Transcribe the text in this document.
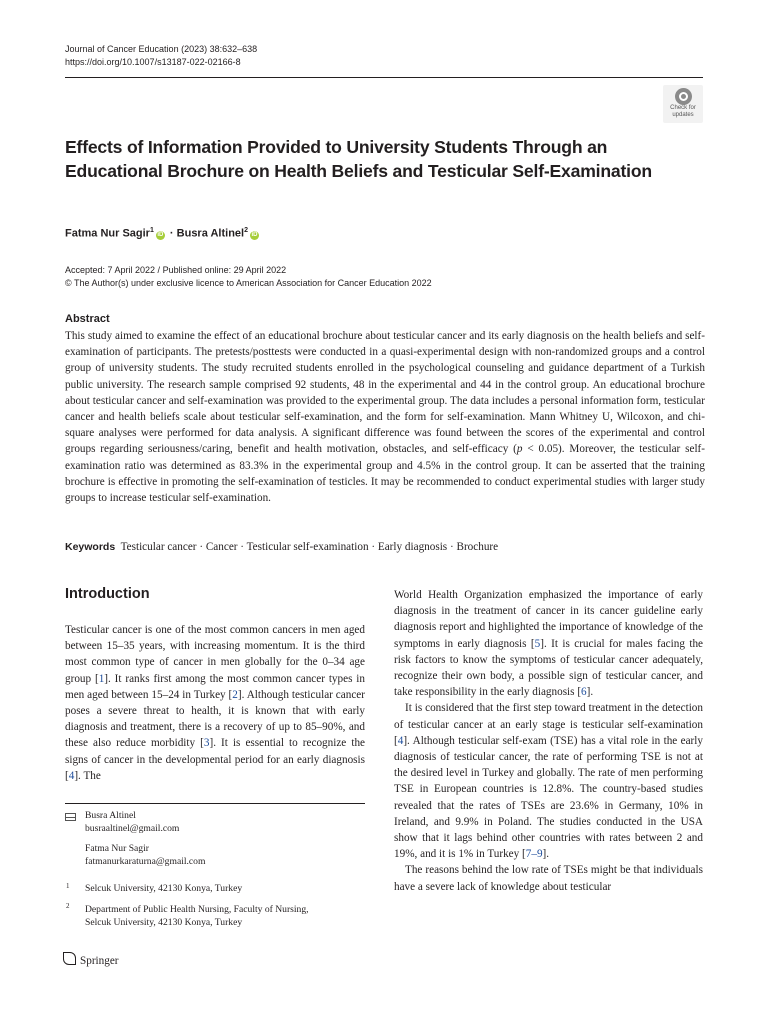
Journal of Cancer Education (2023) 38:632–638
https://doi.org/10.1007/s13187-022-02166-8
Check for
updates
Effects of Information Provided to University Students Through an Educational Brochure on Health Beliefs and Testicular Self-Examination
Fatma Nur Sagir$^1$iD · Busra Altinel$^2$iD
Accepted: 7 April 2022 / Published online: 29 April 2022
© The Author(s) under exclusive licence to American Association for Cancer Education 2022
Abstract
This study aimed to examine the effect of an educational brochure about testicular cancer and its early diagnosis on the health beliefs and self-examination of participants. The pretests/posttests were conducted in a quasi-experimental design with non-randomized groups and a control group of university students. The study recruited students enrolled in the psychological counseling and guidance department of a Turkish public university. The research sample comprised 92 students, 48 in the experimental and 44 in the control group. An educational brochure about testicular cancer and self-examination was provided to the experimental group. The data includes a personal information form, testicular cancer and health beliefs scale about testicular self-examination, and the form for self-examination. Mann Whitney U, Wilcoxon, and chi-square analyses were performed for data analysis. A significant difference was found between the scores of the experimental and control groups regarding seriousness/caring, benefit and health motivation, obstacles, and self-efficacy (p < 0.05). Moreover, the testicular self-examination ratio was determined as 83.3% in the experimental group and 4.5% in the control group. It can be asserted that the training brochure is effective in promoting the self-examination of testicles. It may be recommended to conduct experimental studies with larger study groups to increase testicular self-examination.
Keywords Testicular cancer · Cancer · Testicular self-examination · Early diagnosis · Brochure
Introduction

Testicular cancer is one of the most common cancers in men aged between 15–35 years, with increasing momentum. It is the third most common type of cancer in men globally for the 0–34 age group [1]. It ranks first among the most common cancer types in men aged between 15–24 in Turkey [2]. Although testicular cancer poses a severe threat to health, it is known that with early diagnosis and treatment, there is a recovery of up to 85–90%, and these also reduce morbidity [3]. It is essential to recognize the signs of cancer in the developmental period for an early diagnosis [4]. The

World Health Organization emphasized the importance of early diagnosis in the treatment of cancer in its cancer guideline early diagnosis report and highlighted the importance of knowledge of the symptoms in early diagnosis [5]. It is crucial for males facing the risk factors to know the symptoms of testicular cancer adequately, recognize their own body, a possible sign of testicular cancer, and take responsibility in the early diagnosis [6].

It is considered that the first step toward treatment in the detection of testicular cancer at an early stage is testicular self-examination [4]. Although testicular self-exam (TSE) has a vital role in the early diagnosis of testicular cancer, the rate of performing TSE is not at the desired level in Turkey and globally. The rate of men performing TSE in European countries is 12.8%. The country-based studies revealed that the rates of TSEs are 23.6% in Germany, 10% in Ireland, and 9.9% in Poland. The studies conducted in the USA show that it lags behind other countries with rates between 2 and 19%, and it is 1% in Turkey [7–9].

The reasons behind the low rate of TSEs might be that individuals have a severe lack of knowledge about testicular

Busra Altinel
busraaltinel@gmail.com
Fatma Nur Sagir
fatmanurkaraturna@gmail.com
1 Selcuk University, 42130 Konya, Turkey
2 Department of Public Health Nursing, Faculty of Nursing,
Selcuk University, 42130 Konya, Turkey
Springer
